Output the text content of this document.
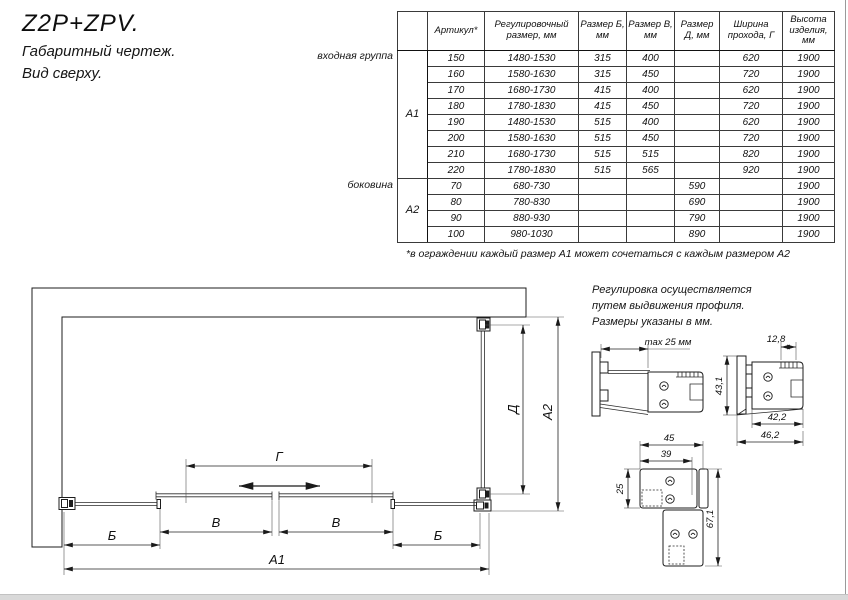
Z2P+ZPV.
Габаритный чертеж.
Вид сверху.
входная группа
боковина
	Артикул*	Регулировочный размер, мм	Размер Б, мм	Размер В, мм	Размер Д, мм	Ширина прохода, Г	Высота изделия, мм
А1	150	1480-1530	315	400		620	1900
	160	1580-1630	315	450		720	1900
	170	1680-1730	415	400		620	1900
	180	1780-1830	415	450		720	1900
	190	1480-1530	515	400		620	1900
	200	1580-1630	515	450		720	1900
	210	1680-1730	515	515		820	1900
	220	1780-1830	515	565		920	1900
А2	70	680-730			590		1900
	80	780-830			690		1900
	90	880-930			790		1900
	100	980-1030			890		1900
*в ограждении каждый размер А1 может сочетаться с каждым размером А2
Регулировка осуществляется
путем выдвижения профиля.
Размеры указаны в мм.
Г
Б
В	В
Б
А1
Д А2
max 25 мм	12,8
43,1
42,2
46,2
45
39
25
67,1
